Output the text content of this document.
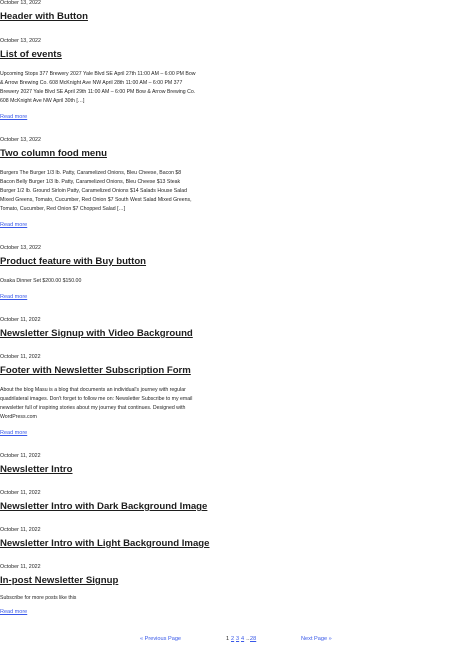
October 13, 2022

Header with Button

October 13, 2022

List of events

Upcoming Stops 377 Brewery 2027 Yale Blvd SE April 27th 11:00 AM – 6:00 PM Bow & Arrow Brewing Co. 608 McKnight Ave NW April 28th 11:00 AM – 6:00 PM 377 Brewery 2027 Yale Blvd SE April 29th 11:00 AM – 6:00 PM Bow & Arrow Brewing Co. 608 McKnight Ave NW April 30th […]

Read more

October 13, 2022

Two column food menu

Burgers The Burger 1/3 lb. Patty, Caramelized Onions, Bleu Cheese, Bacon $8 Bacon Belly Burger 1/3 lb. Patty, Caramelized Onions, Bleu Cheese $13 Steak Burger 1/2 lb. Ground Sirloin Patty, Caramelized Onions $14 Salads House Salad Mixed Greens, Tomato, Cucumber, Red Onion $7 South West Salad Mixed Greens, Tomato, Cucumber, Red Onion $7 Chopped Salad […]

Read more

October 13, 2022

Product feature with Buy button

Osaka Dinner Set $200.00 $150.00

Read more

October 11, 2022

Newsletter Signup with Video Background

October 11, 2022

Footer with Newsletter Subscription Form

About the blog Masu is a blog that documents an individual's journey with regular quadrilateral images. Don't forget to follow me on: Newsletter Subscribe to my email newsletter full of inspiring stories about my journey that continues. Designed with WordPress.com

Read more

October 11, 2022

Newsletter Intro

October 11, 2022

Newsletter Intro with Dark Background Image

October 11, 2022

Newsletter Intro with Light Background Image

October 11, 2022

In-post Newsletter Signup

Subscribe for more posts like this

Read more
« Previous Page	1 2 3 4 …
28	Next Page »
